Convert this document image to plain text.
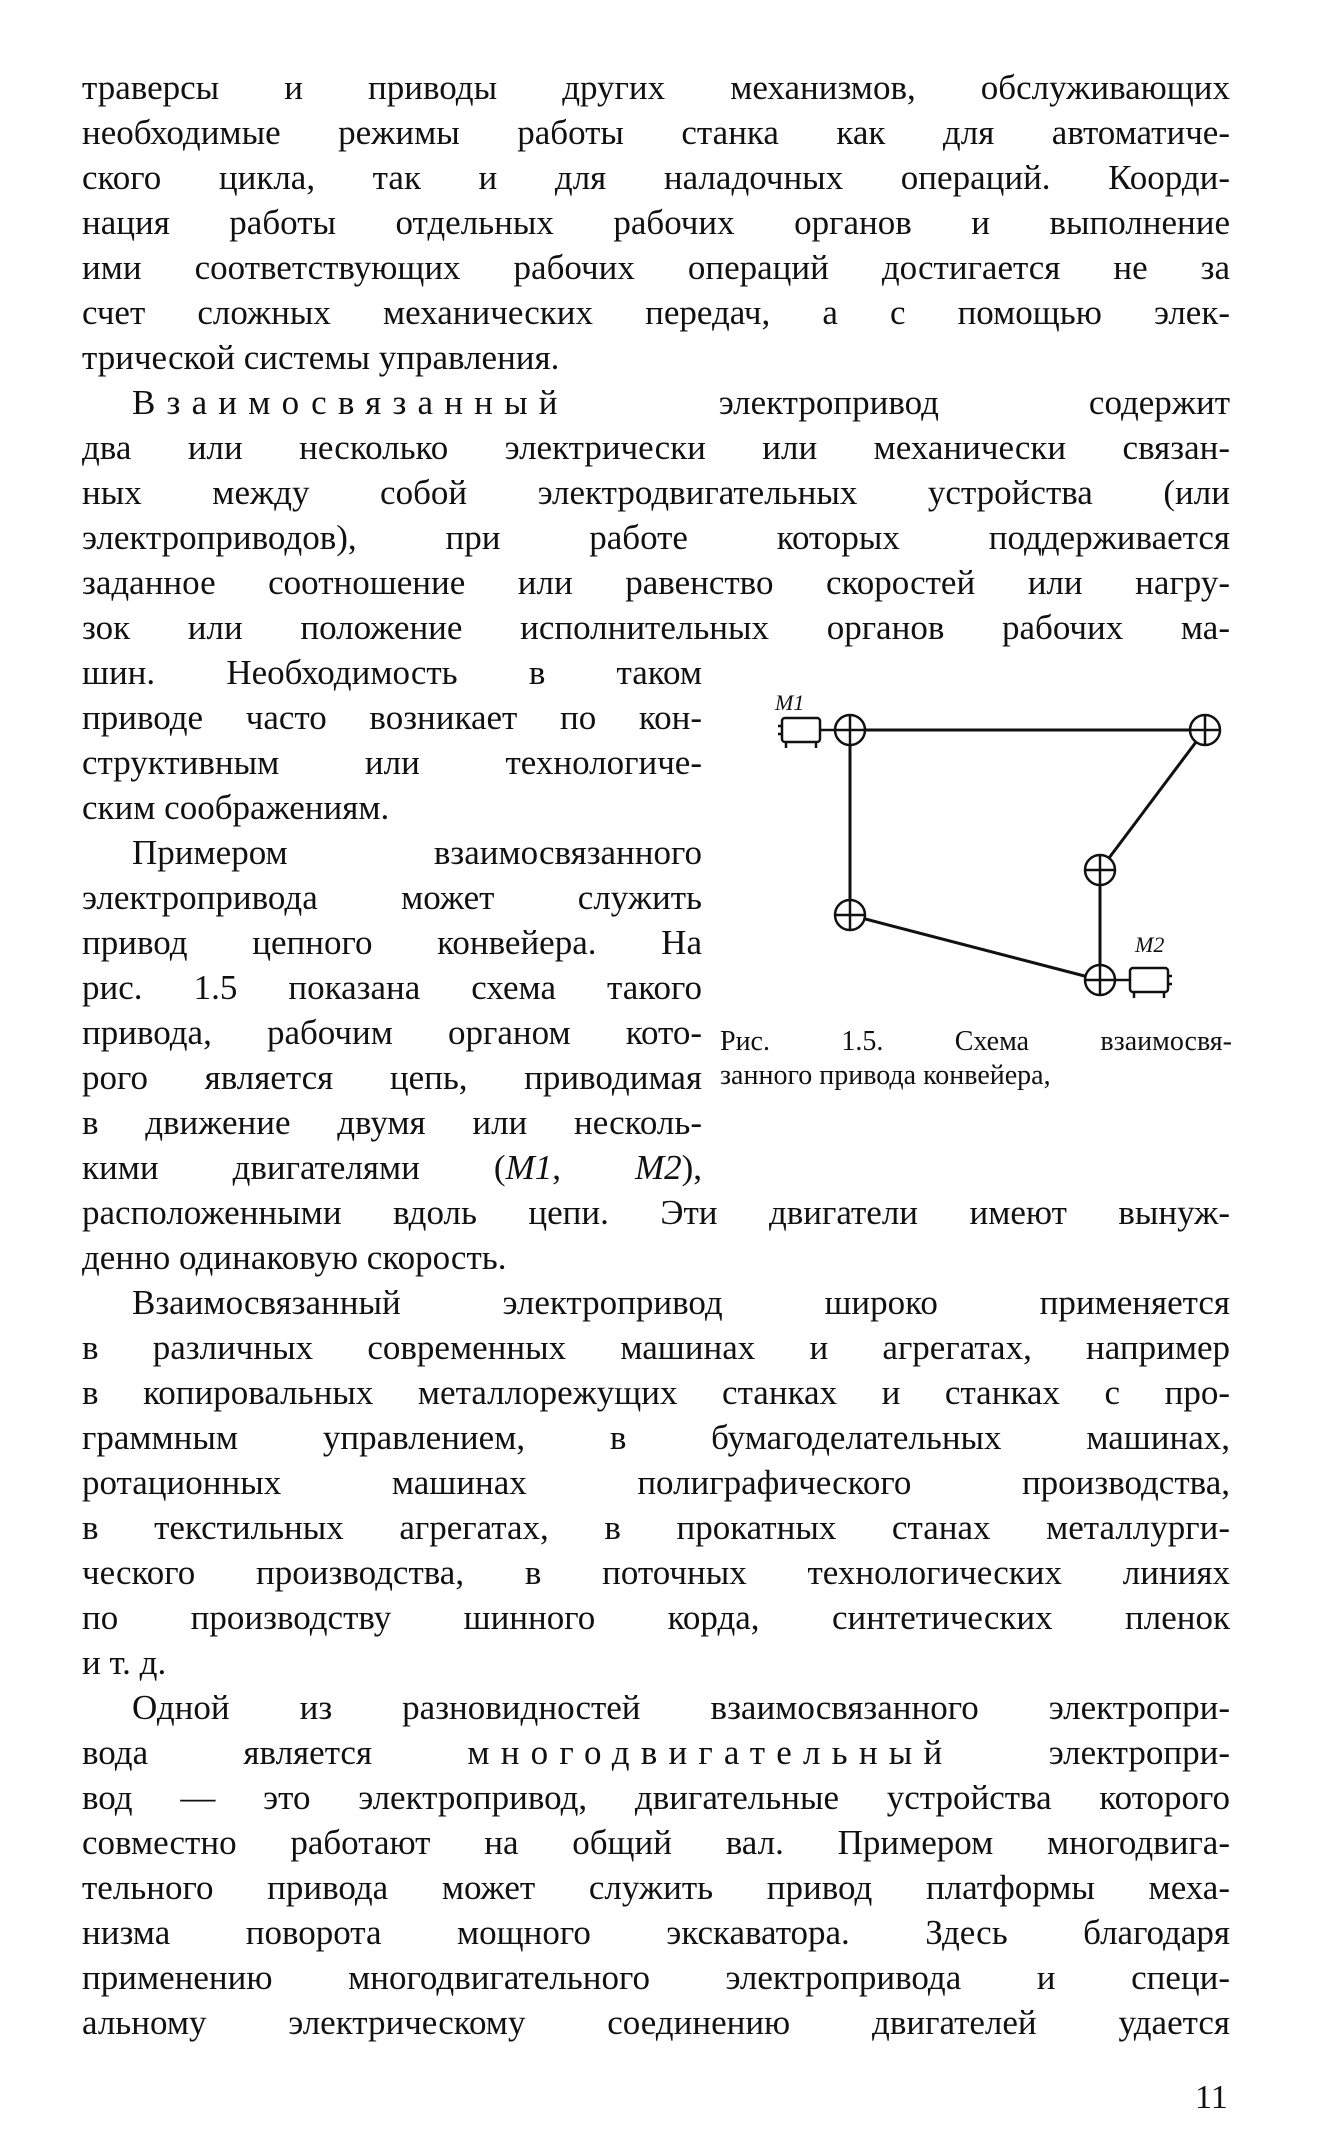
траверсы и приводы других механизмов, обслуживающих
необходимые режимы работы станка как для автоматиче-
ского цикла, так и для наладочных операций. Коорди-
нация работы отдельных рабочих органов и выполнение
ими соответствующих рабочих операций достигается не за
счет сложных механических передач, а с помощью элек-
трической системы управления.
Взаимосвязанный	электропривод содержит
два или несколько электрически или механически связан-
ных между собой электродвигательных устройства (или
электроприводов), при работе которых поддерживается
заданное соотношение или равенство скоростей или нагру-
зок или положение исполнительных органов рабочих ма-
шин. Необходимость в таком
приводе часто возникает по кон-
структивным или технологиче-
ским соображениям.
Примером взаимосвязанного
электропривода может служить
привод цепного конвейера. На
рис. 1.5 показана схема такого
привода, рабочим органом кото-
рого является цепь, приводимая
в движение двумя или несколь-
кими двигателями (М1, М2),
расположенными вдоль цепи. Эти двигатели имеют вынуж-
денно одинаковую скорость.
Взаимосвязанный электропривод широко применяется
в различных современных машинах и агрегатах, например
в копировальных металлорежущих станках и станках с про-
граммным управлением, в бумагоделательных машинах,
ротационных машинах полиграфического производства,
в текстильных агрегатах, в прокатных станах металлурги-
ческого производства, в поточных технологических линиях
по производству шинного корда, синтетических пленок
и т. д.
Одной из разновидностей взаимосвязанного электропри-
вода является	многодвигательный	электропри-
вод — это электропривод, двигательные устройства которого
совместно работают на общий вал. Примером многодвига-
тельного привода может служить привод платформы меха-
низма поворота мощного экскаватора. Здесь благодаря
применению многодвигательного электропривода и специ-
альному электрическому соединению двигателей удается
М1
М2
Рис. 1.5. Схема взаимосвя-
занного привода конвейера,
11
